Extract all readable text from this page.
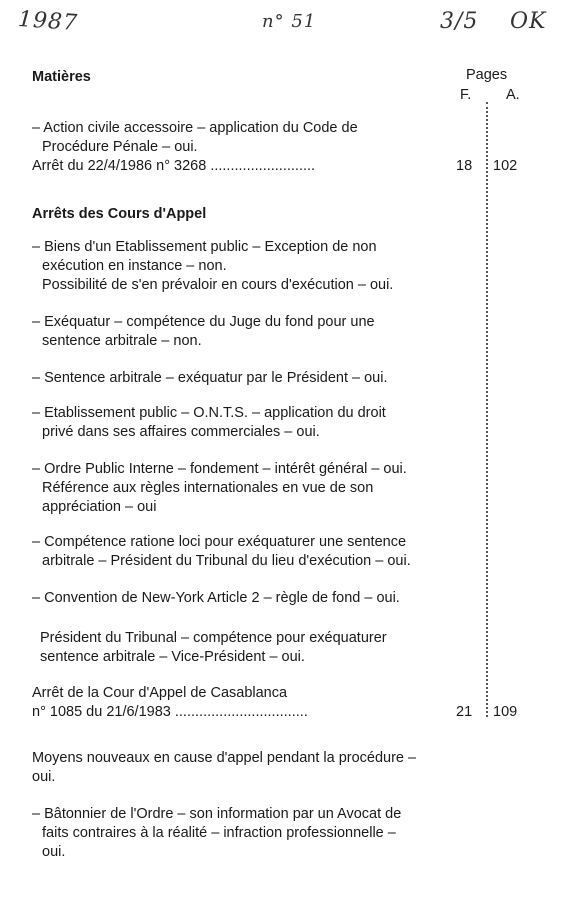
1987	n° 51	3/5 OK
Matières	Pages
F. A.
– Action civile accessoire – application du Code de
Procédure Pénale – oui.
Arrêt du 22/4/1986 n° 3268 ..........................	18 102
Arrêts des Cours d'Appel
– Biens d'un Etablissement public – Exception de non
exécution en instance – non.
Possibilité de s'en prévaloir en cours d'exécution – oui.
– Exéquatur – compétence du Juge du fond pour une
sentence arbitrale – non.
– Sentence arbitrale – exéquatur par le Président – oui.
– Etablissement public – O.N.T.S. – application du droit
privé dans ses affaires commerciales – oui.
– Ordre Public Interne – fondement – intérêt général – oui.
Référence aux règles internationales en vue de son
appréciation – oui
– Compétence ratione loci pour exéquaturer une sentence
arbitrale – Président du Tribunal du lieu d'exécution – oui.
– Convention de New-York Article 2 – règle de fond – oui.
Président du Tribunal – compétence pour exéquaturer
sentence arbitrale – Vice-Président – oui.
Arrêt de la Cour d'Appel de Casablanca
n° 1085 du 21/6/1983 .................................	21 109
Moyens nouveaux en cause d'appel pendant la procédure –
oui.
– Bâtonnier de l'Ordre – son information par un Avocat de
faits contraires à la réalité – infraction professionnelle –
oui.
